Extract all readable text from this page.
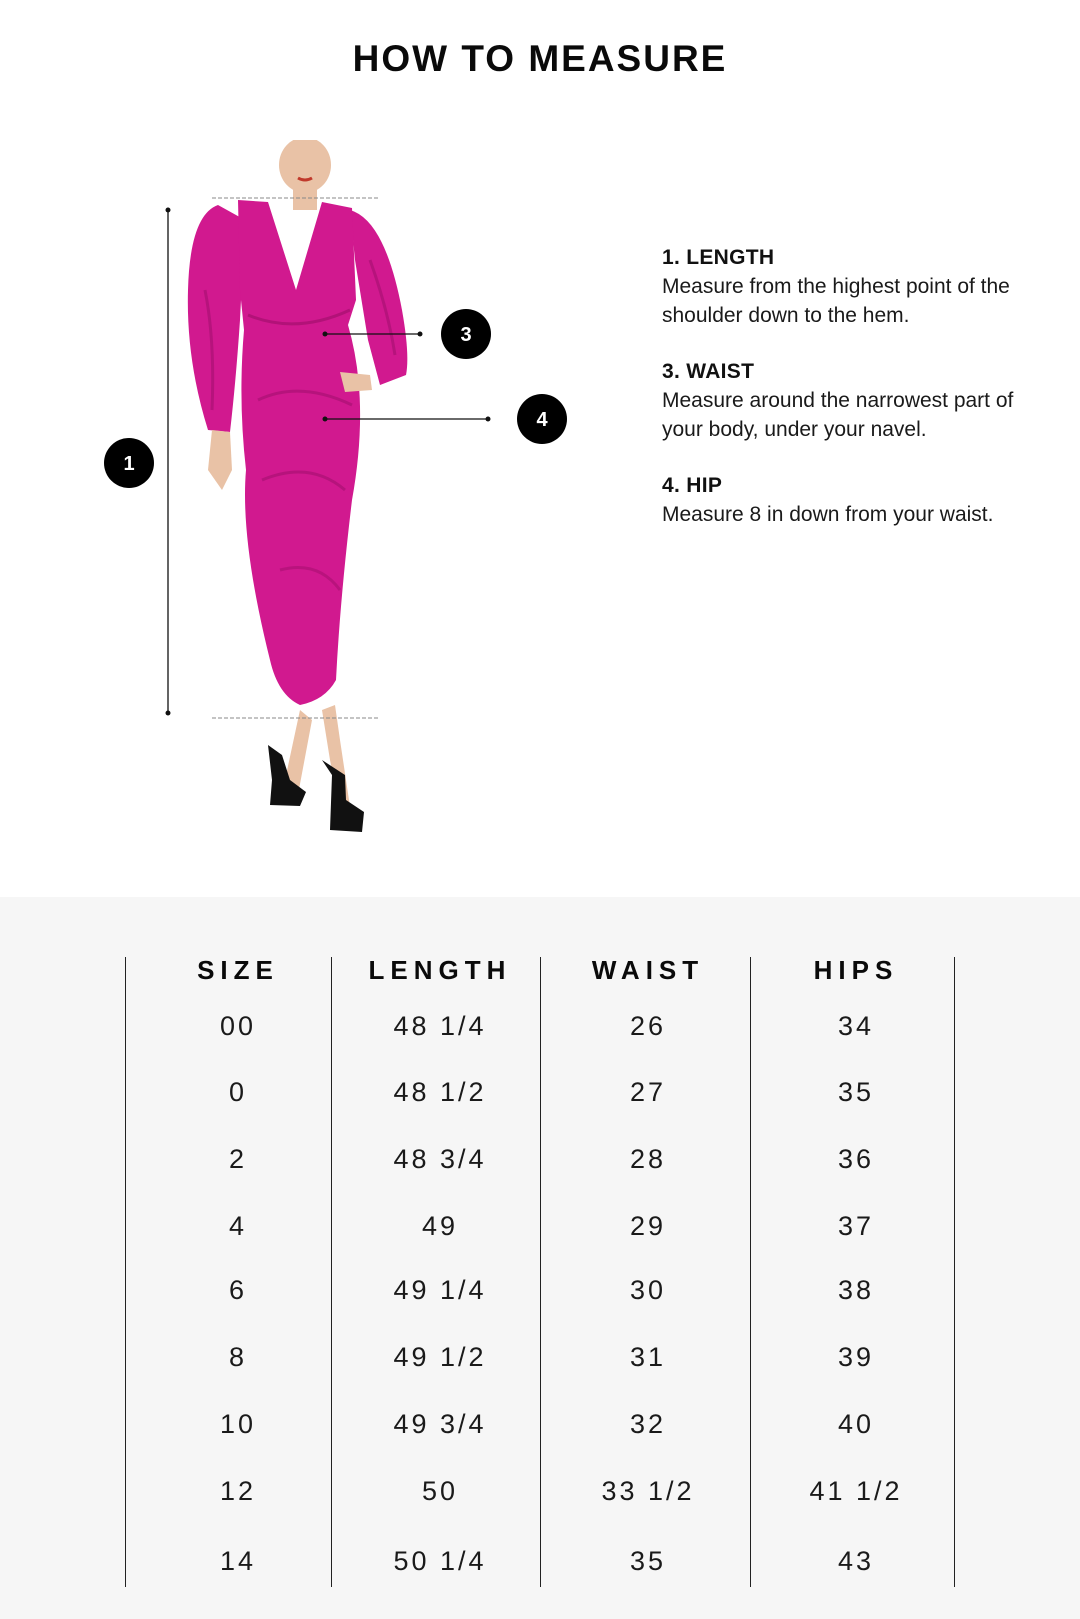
HOW TO MEASURE
1
3
4
1. LENGTH
Measure from the highest point of the shoulder down to the hem.
3. WAIST
Measure around the narrowest part of your body, under your navel.
4. HIP
Measure 8 in down from your waist.
SIZE
00
0
2
4
6
8
10
12
14
LENGTH
48 1/4
48 1/2
48 3/4
49
49 1/4
49 1/2
49 3/4
50
50 1/4
WAIST
26
27
28
29
30
31
32
33 1/2
35
HIPS
34
35
36
37
38
39
40
41 1/2
43
